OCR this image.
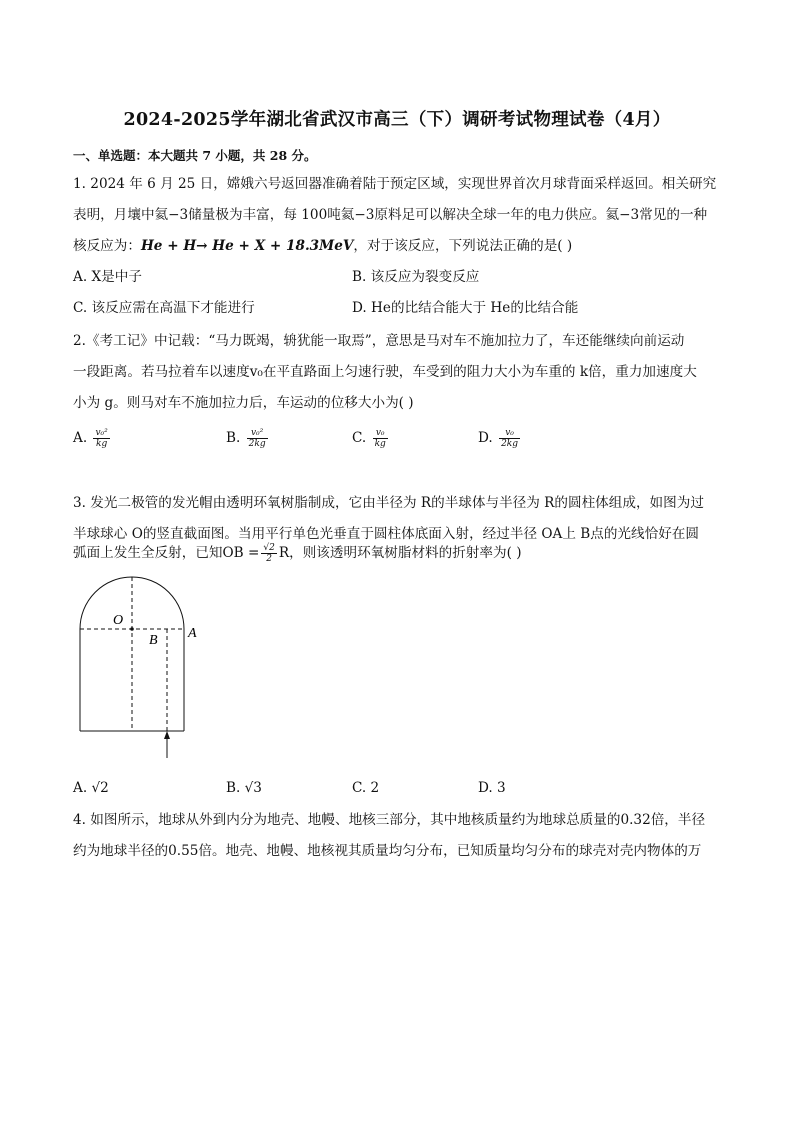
2024-2025学年湖北省武汉市高三（下）调研考试物理试卷（4月）
一、单选题：本大题共 7 小题，共 28 分。
1. 2024 年 6 月 25 日，嫦娥六号返回器准确着陆于预定区域，实现世界首次月球背面采样返回。相关研究
表明，月壤中氦−3储量极为丰富，每 100吨氦−3原料足可以解决全球一年的电力供应。氦−3常见的一种
核反应为：He + H→ He + X + 18.3MeV，对于该反应，下列说法正确的是( )
A. X是中子	B. 该反应为裂变反应
C. 该反应需在高温下才能进行	D. He的比结合能大于 He的比结合能
2.《考工记》中记载：“马力既竭，辀犹能一取焉”，意思是马对车不施加拉力了，车还能继续向前运动
一段距离。若马拉着车以速度v₀在平直路面上匀速行驶，车受到的阻力大小为车重的 k倍，重力加速度大
小为 g。则马对车不施加拉力后，车运动的位移大小为( )
A. $\frac{\text{v₀²}}{kg}$	B. $\frac{\text{v₀²}}{2kg}$	C. $\frac{\text{v₀}}{kg}$	D. $\frac{\text{v₀}}{2kg}$
3. 发光二极管的发光帽由透明环氧树脂制成，它由半径为 R的半球体与半径为 R的圆柱体组成，如图为过
半球球心 O的竖直截面图。当用平行单色光垂直于圆柱体底面入射，经过半径 OA上 B点的光线恰好在圆
弧面上发生全反射，已知OB = $\frac{√2}{2}$ R，则该透明环氧树脂材料的折射率为( )
O
B A
A. √2	B. √3	C. 2	D. 3
4. 如图所示，地球从外到内分为地壳、地幔、地核三部分，其中地核质量约为地球总质量的0.32倍，半径
约为地球半径的0.55倍。地壳、地幔、地核视其质量均匀分布，已知质量均匀分布的球壳对壳内物体的万
